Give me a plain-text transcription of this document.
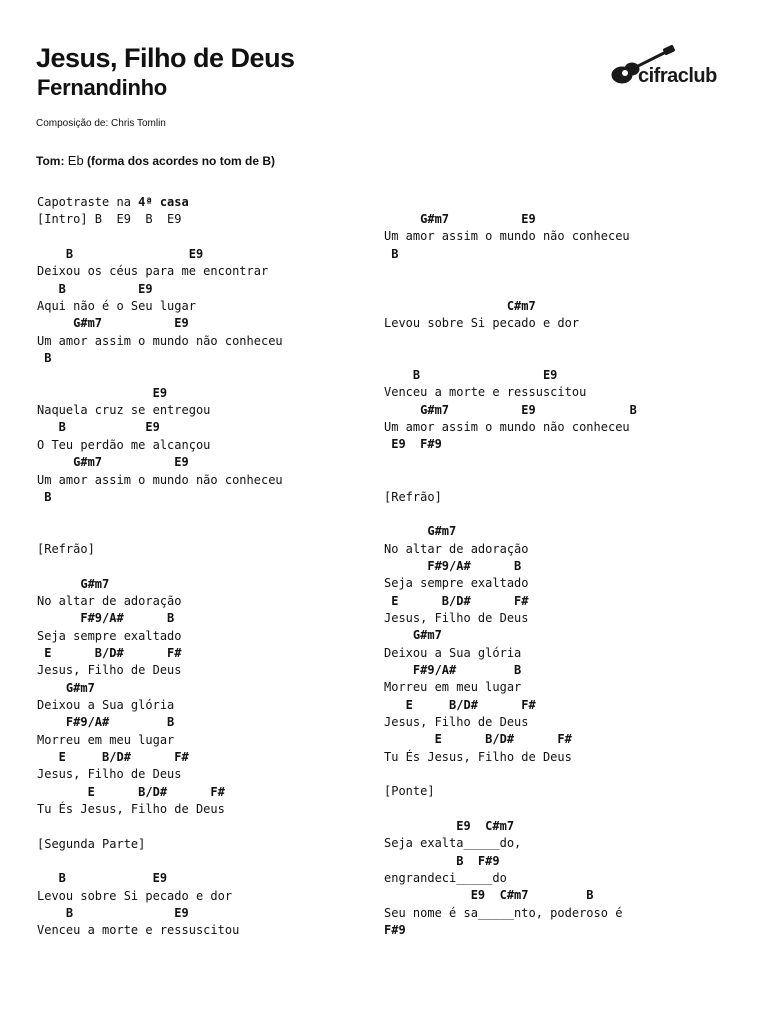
Jesus, Filho de Deus
Fernandinho
Composição de: Chris Tomlin
Tom: Eb (forma dos acordes no tom de B)
cifraclub
Capotraste na 4ª casa
[Intro] B  E9  B  E9
B                E9
Deixou os céus para me encontrar
B          E9
Aqui não é o Seu lugar
G#m7          E9
Um amor assim o mundo não conheceu
B
E9
Naquela cruz se entregou
B           E9
O Teu perdão me alcançou
G#m7          E9
Um amor assim o mundo não conheceu
B
[Refrão]
G#m7
No altar de adoração
F#9/A#      B
Seja sempre exaltado
E      B/D#      F#
Jesus, Filho de Deus
G#m7
Deixou a Sua glória
F#9/A#        B
Morreu em meu lugar
E     B/D#      F#
Jesus, Filho de Deus
E      B/D#      F#
Tu És Jesus, Filho de Deus
[Segunda Parte]
B            E9
Levou sobre Si pecado e dor
B              E9
Venceu a morte e ressuscitou
G#m7          E9
Um amor assim o mundo não conheceu
B
C#m7
Levou sobre Si pecado e dor
B                 E9
Venceu a morte e ressuscitou
G#m7          E9             B
Um amor assim o mundo não conheceu
E9  F#9
[Refrão]
G#m7
No altar de adoração
F#9/A#      B
Seja sempre exaltado
E      B/D#      F#
Jesus, Filho de Deus
G#m7
Deixou a Sua glória
F#9/A#        B
Morreu em meu lugar
E     B/D#      F#
Jesus, Filho de Deus
E      B/D#      F#
Tu És Jesus, Filho de Deus
[Ponte]
E9  C#m7
Seja exalta_____do,
B  F#9
engrandeci_____do
E9  C#m7        B
Seu nome é sa_____nto, poderoso é
F#9
